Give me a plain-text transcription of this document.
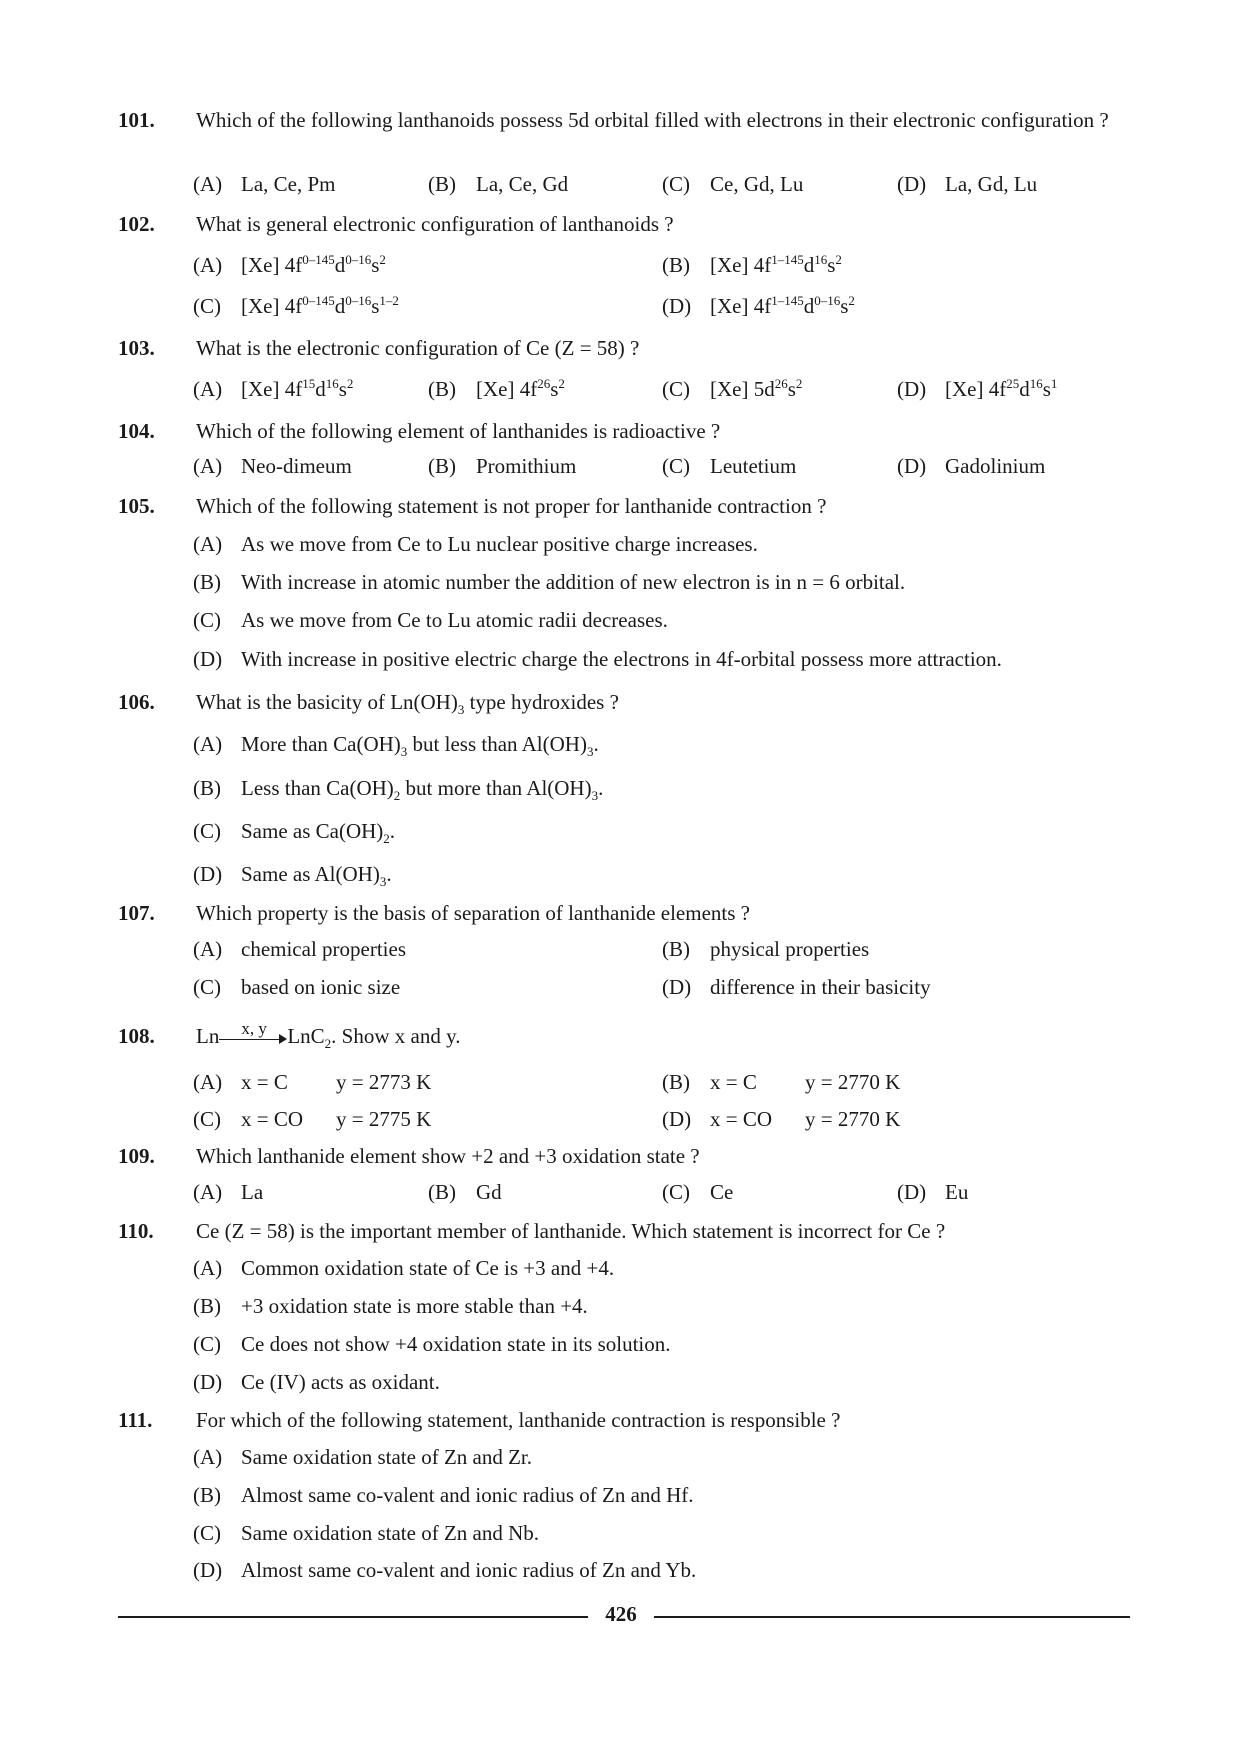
101.	Which of the following lanthanoids possess 5d orbital filled with electrons in their electronic configuration ?
(A) La, Ce, Pm	(B) La, Ce, Gd	(C) Ce, Gd, Lu	(D) La, Gd, Lu
102.	What is general electronic configuration of lanthanoids ?
(A) [Xe] $4f^{0-145}d^{0-16}s^2$	(B) [Xe] $4f^{1-145}d^{16}s^2$
(C) [Xe] $4f^{0-145}d^{0-16}s^{1-2}$	(D) [Xe] $4f^{1-145}d^{0-16}s^2$
103.	What is the electronic configuration of Ce (Z = 58) ?
(A) [Xe] $4f^{15}d^{16}s^2$	(B) [Xe] $4f^{26}s^2$	(C) [Xe] $5d^{26}s^2$	(D) [Xe] $4f^{25}d^{16}s^1$
104.	Which of the following element of lanthanides is radioactive ?
(A) Neo-dimeum	(B) Promithium	(C) Leutetium	(D) Gadolinium
105.	Which of the following statement is not proper for lanthanide contraction ?
(A) As we move from Ce to Lu nuclear positive charge increases.
(B) With increase in atomic number the addition of new electron is in n = 6 orbital.
(C) As we move from Ce to Lu atomic radii decreases.
(D) With increase in positive electric charge the electrons in 4f-orbital possess more attraction.
106.	What is the basicity of $Ln(OH)_3$ type hydroxides ?
(A) More than $Ca(OH)_3$ but less than $Al(OH)_3$.
(B) Less than $Ca(OH)_2$ but more than $Al(OH)_3$.
(C) Same as $Ca(OH)_2$.
(D) Same as $Al(OH)_3$.
107.	Which property is the basis of separation of lanthanide elements ?
(A) chemical properties	(B) physical properties
(C) based on ionic size	(D) difference in their basicity
108.	Ln x, y LnC$_2$. Show x and y.
(A) x = C y = 2773 K	(B) x = C y = 2770 K
(C) x = CO y = 2775 K	(D) x = CO y = 2770 K
109.	Which lanthanide element show +2 and +3 oxidation state ?
(A) La	(B) Gd	(C) Ce	(D) Eu
110.	Ce (Z = 58) is the important member of lanthanide. Which statement is incorrect for Ce ?
(A) Common oxidation state of Ce is +3 and +4.
(B) +3 oxidation state is more stable than +4.
(C) Ce does not show +4 oxidation state in its solution.
(D) Ce (IV) acts as oxidant.
111.	For which of the following statement, lanthanide contraction is responsible ?
(A) Same oxidation state of Zn and Zr.
(B) Almost same co-valent and ionic radius of Zn and Hf.
(C) Same oxidation state of Zn and Nb.
(D) Almost same co-valent and ionic radius of Zn and Yb.
426
